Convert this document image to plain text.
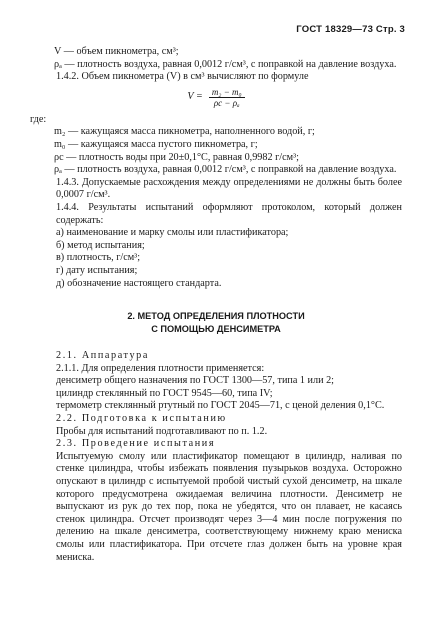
ГОСТ 18329—73 Стр. 3

V — объем пикнометра, см³;

ρₐ — плотность воздуха, равная 0,0012 г/см³, с поправкой на давление воздуха.

1.4.2. Объем пикнометра (V) в см³ вычисляют по формуле

$V = \frac{\text{m₂ − m₀}}{\text{ρc − ρₐ}}$

где:

m₂ — кажущаяся масса пикнометра, наполненного водой, г;

m₀ — кажущаяся масса пустого пикнометра, г;

ρc — плотность воды при 20±0,1°С, равная 0,9982 г/см³;

ρₐ — плотность воздуха, равная 0,0012 г/см³, с поправкой на давление воздуха.

1.4.3. Допускаемые расхождения между определениями не должны быть более 0,0007 г/см³.

1.4.4. Результаты испытаний оформляют протоколом, который должен содержать:

а) наименование и марку смолы или пластификатора;

б) метод испытания;

в) плотность, г/см³;

г) дату испытания;

д) обозначение настоящего стандарта.

2. МЕТОД ОПРЕДЕЛЕНИЯ ПЛОТНОСТИ
С ПОМОЩЬЮ ДЕНСИМЕТРА

2.1. Аппаратура

2.1.1. Для определения плотности применяется:

денсиметр общего назначения по ГОСТ 1300—57, типа 1 или 2;

цилиндр стеклянный по ГОСТ 9545—60, типа IV;

термометр стеклянный ртутный по ГОСТ 2045—71, с ценой деления 0,1°С.

2.2. Подготовка к испытанию

Пробы для испытаний подготавливают по п. 1.2.

2.3. Проведение испытания

Испытуемую смолу или пластификатор помещают в цилиндр, наливая по стенке цилиндра, чтобы избежать появления пузырьков воздуха. Осторожно опускают в цилиндр с испытуемой пробой чистый сухой денсиметр, на шкале которого предусмотрена ожидаемая величина плотности. Денсиметр не выпускают из рук до тех пор, пока не убедятся, что он плавает, не касаясь стенок цилиндра. Отсчет производят через 3—4 мин после погружения по делению на шкале денсиметра, соответствующему нижнему краю мениска смолы или пластификатора. При отсчете глаз должен быть на уровне края мениска.
